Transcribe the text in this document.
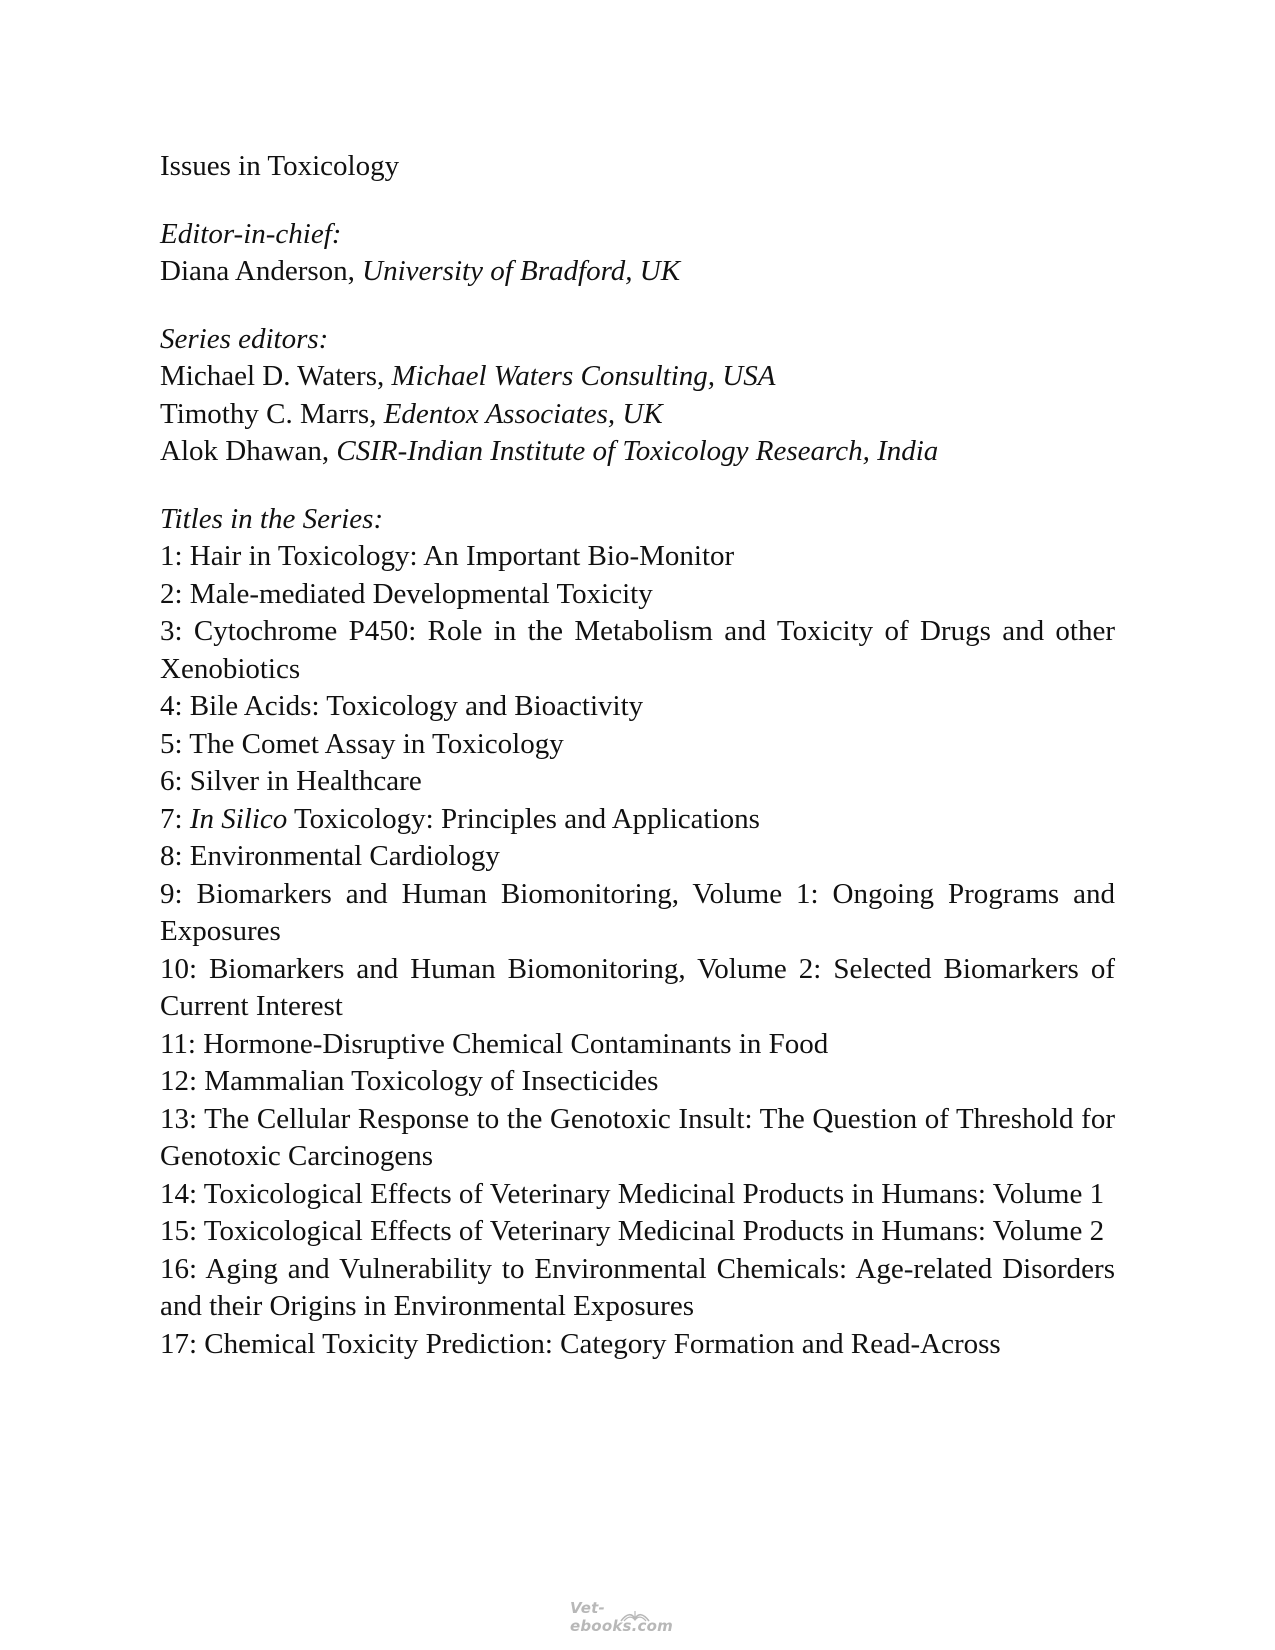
Issues in Toxicology

Editor-in-chief:
Diana Anderson, University of Bradford, UK
Series editors:
Michael D. Waters, Michael Waters Consulting, USA
Timothy C. Marrs, Edentox Associates, UK
Alok Dhawan, CSIR-Indian Institute of Toxicology Research, India
Titles in the Series:
1: Hair in Toxicology: An Important Bio-Monitor
2: Male-mediated Developmental Toxicity
3: Cytochrome P450: Role in the Metabolism and Toxicity of Drugs and other Xenobiotics
4: Bile Acids: Toxicology and Bioactivity
5: The Comet Assay in Toxicology
6: Silver in Healthcare
7: In Silico Toxicology: Principles and Applications
8: Environmental Cardiology
9: Biomarkers and Human Biomonitoring, Volume 1: Ongoing Programs and Exposures
10: Biomarkers and Human Biomonitoring, Volume 2: Selected Biomarkers of Current Interest
11: Hormone-Disruptive Chemical Contaminants in Food
12: Mammalian Toxicology of Insecticides
13: The Cellular Response to the Genotoxic Insult: The Question of Threshold for Genotoxic Carcinogens
14: Toxicological Effects of Veterinary Medicinal Products in Humans: Volume 1
15: Toxicological Effects of Veterinary Medicinal Products in Humans: Volume 2
16: Aging and Vulnerability to Environmental Chemicals: Age-related Disorders and their Origins in Environmental Exposures
17: Chemical Toxicity Prediction: Category Formation and Read-Across
Vet-ebooks.com
